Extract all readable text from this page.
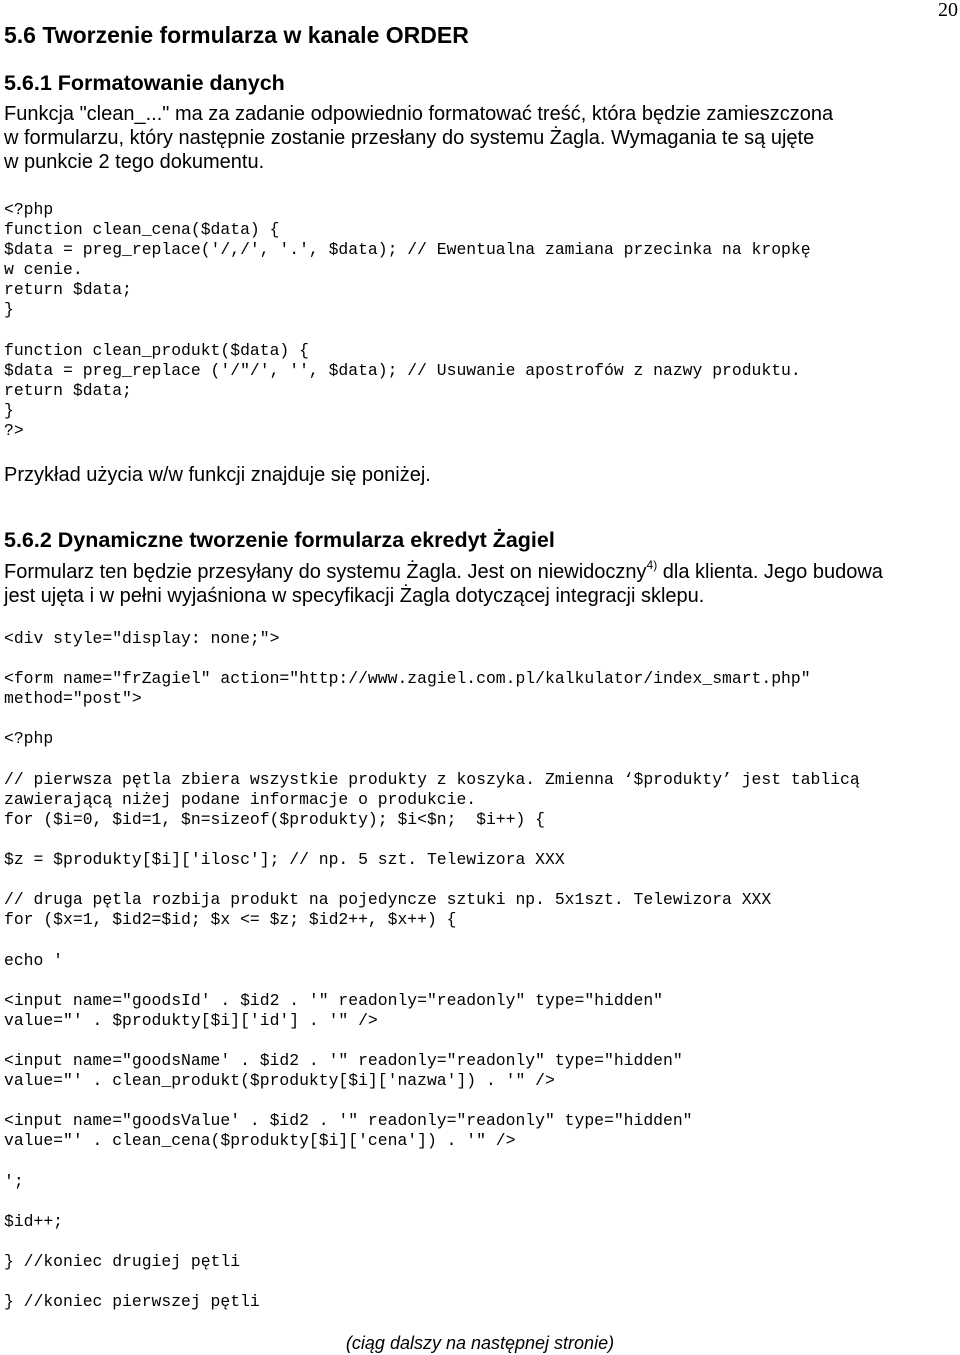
20
5.6 Tworzenie formularza w kanale ORDER
5.6.1 Formatowanie danych
Funkcja "clean_..." ma za zadanie odpowiednio formatować treść, która będzie zamieszczona
w formularzu, który następnie zostanie przesłany do systemu Żagla. Wymagania te są ujęte
w punkcie 2 tego dokumentu.
<?php
function clean_cena($data) {
$data = preg_replace('/,/', '.', $data); // Ewentualna zamiana przecinka na kropkę
w cenie.
return $data;
}
function clean_produkt($data) {
$data = preg_replace ('/"/', '', $data); // Usuwanie apostrofów z nazwy produktu.
return $data;
}
?>
Przykład użycia w/w funkcji znajduje się poniżej.
5.6.2 Dynamiczne tworzenie formularza ekredyt Żagiel
Formularz ten będzie przesyłany do systemu Żagla. Jest on niewidoczny$^{4)}$ dla klienta. Jego budowa
jest ujęta i w pełni wyjaśniona w specyfikacji Żagla dotyczącej integracji sklepu.
<div style="display: none;">
<form name="frZagiel" action="http://www.zagiel.com.pl/kalkulator/index_smart.php"
method="post">
<?php
// pierwsza pętla zbiera wszystkie produkty z koszyka. Zmienna ‘$produkty’ jest tablicą
zawierającą niżej podane informacje o produkcie.
for ($i=0, $id=1, $n=sizeof($produkty); $i<$n;  $i++) {
$z = $produkty[$i]['ilosc']; // np. 5 szt. Telewizora XXX
// druga pętla rozbija produkt na pojedyncze sztuki np. 5x1szt. Telewizora XXX
for ($x=1, $id2=$id; $x <= $z; $id2++, $x++) {
echo '
<input name="goodsId' . $id2 . '" readonly="readonly" type="hidden"
value="' . $produkty[$i]['id'] . '" />
<input name="goodsName' . $id2 . '" readonly="readonly" type="hidden"
value="' . clean_produkt($produkty[$i]['nazwa']) . '" />
<input name="goodsValue' . $id2 . '" readonly="readonly" type="hidden"
value="' . clean_cena($produkty[$i]['cena']) . '" />
';
$id++;
} //koniec drugiej pętli
} //koniec pierwszej pętli
(ciąg dalszy na następnej stronie)
